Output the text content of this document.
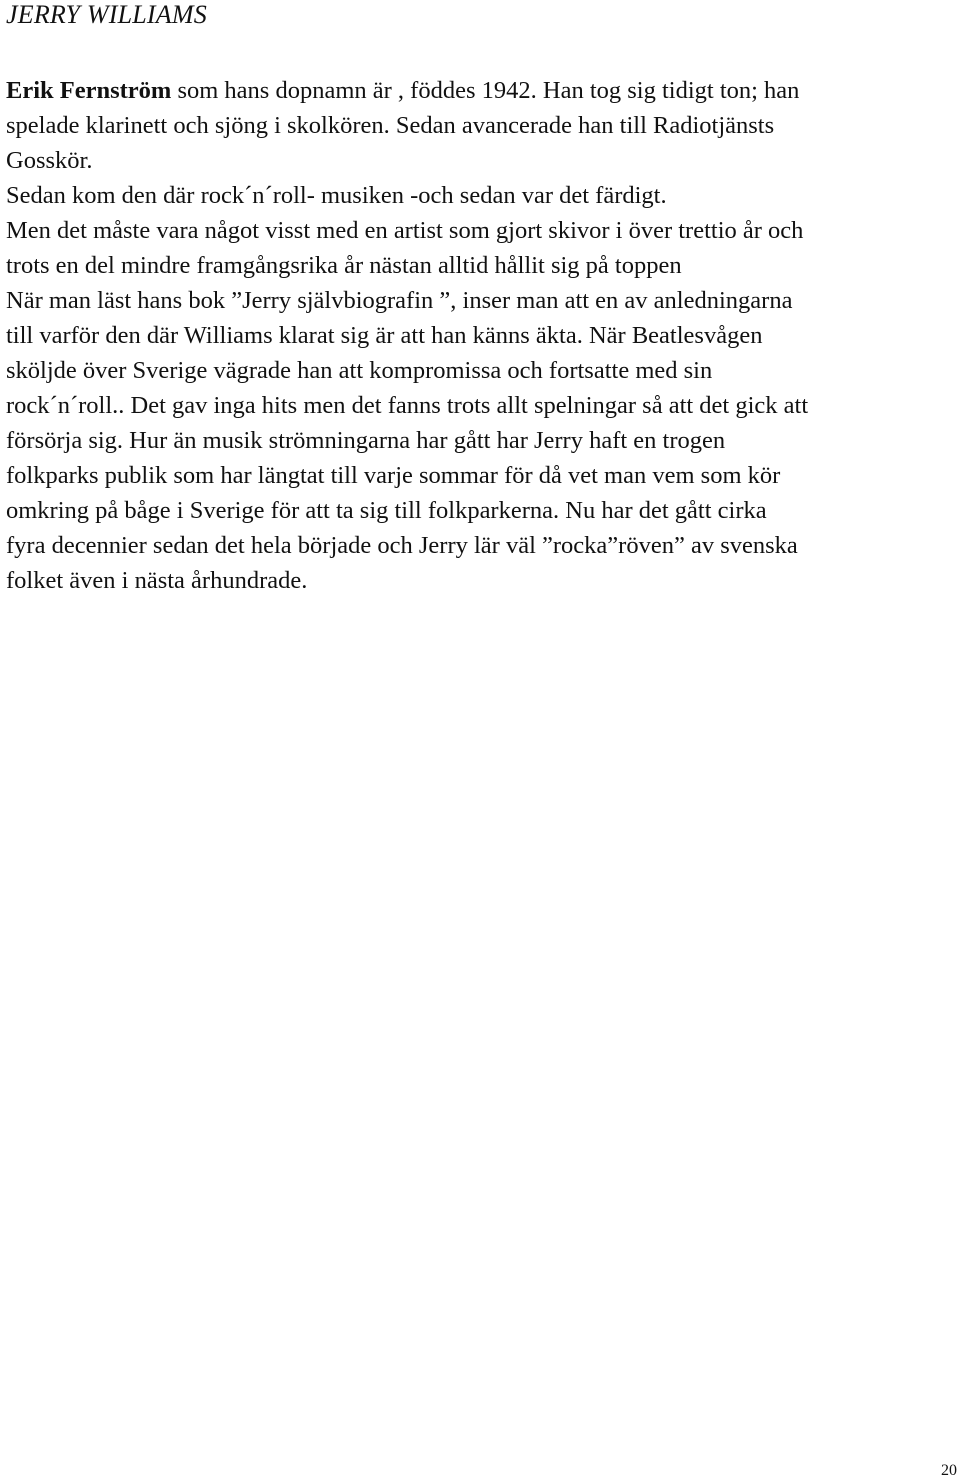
JERRY WILLIAMS

Erik Fernström som hans dopnamn är , föddes 1942. Han tog sig tidigt ton; han
spelade klarinett och sjöng i skolkören. Sedan avancerade han till Radiotjänsts
Gosskör.
Sedan kom den där rock´n´roll- musiken -och sedan var det färdigt.
Men det måste vara något visst med en artist som gjort skivor i över trettio år och
trots en del mindre framgångsrika år nästan alltid hållit sig på toppen
När man läst hans bok ”Jerry självbiografin ”, inser man att en av anledningarna
till varför den där Williams klarat sig är att han känns äkta. När Beatlesvågen
sköljde över Sverige vägrade han att kompromissa och fortsatte med sin
rock´n´roll.. Det gav inga hits men det fanns trots allt spelningar så att det gick att
försörja sig. Hur än musik strömningarna har gått har Jerry haft en trogen
folkparks publik som har längtat till varje sommar för då vet man vem som kör
omkring på båge i Sverige för att ta sig till folkparkerna. Nu har det gått cirka
fyra decennier sedan det hela började och Jerry lär väl ”rocka”röven” av svenska
folket även i nästa århundrade.

20
